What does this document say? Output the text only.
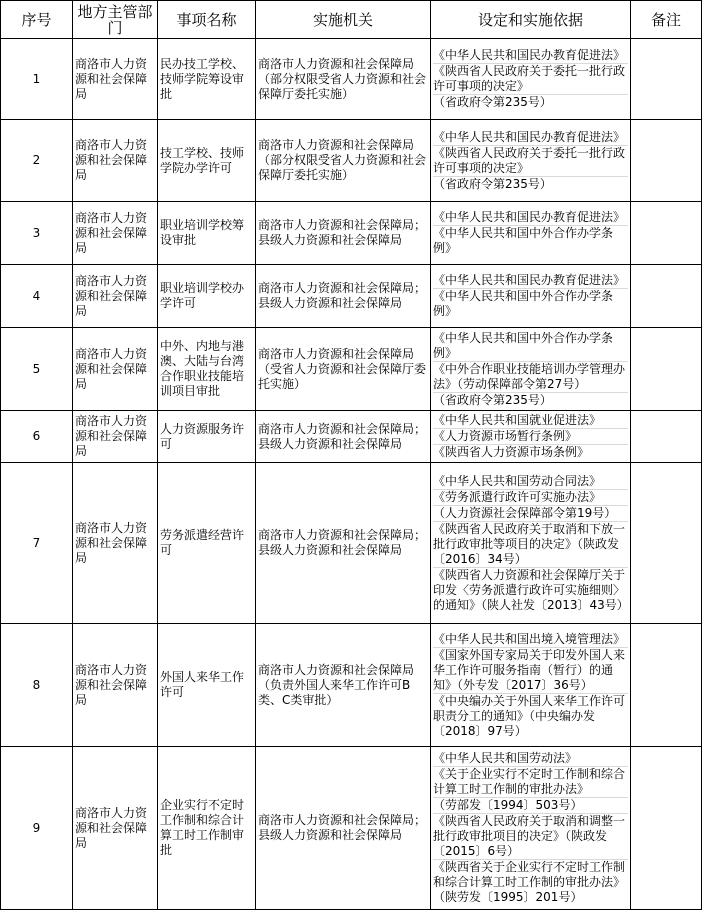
序号	地方主管部门	事项名称	实施机关	设定和实施依据	备注
1	商洛市人力资源和社会保障局	民办技工学校、技师学院筹设审批	商洛市人力资源和社会保障局（部分权限受省人力资源和社会保障厅委托实施）	《中华人民共和国民办教育促进法》
《陕西省人民政府关于委托一批行政许可事项的决定》
（省政府令第235号）	

2	商洛市人力资源和社会保障局	技工学校、技师学院办学许可	商洛市人力资源和社会保障局（部分权限受省人力资源和社会保障厅委托实施）	《中华人民共和国民办教育促进法》
《陕西省人民政府关于委托一批行政许可事项的决定》
（省政府令第235号）	

3	商洛市人力资源和社会保障局	职业培训学校筹设审批	商洛市人力资源和社会保障局；县级人力资源和社会保障局	《中华人民共和国民办教育促进法》
《中华人民共和国中外合作办学条例》	

4	商洛市人力资源和社会保障局	职业培训学校办学许可	商洛市人力资源和社会保障局；县级人力资源和社会保障局	《中华人民共和国民办教育促进法》
《中华人民共和国中外合作办学条例》	

5	商洛市人力资源和社会保障局	中外、内地与港澳、大陆与台湾合作职业技能培训项目审批	商洛市人力资源和社会保障局（受省人力资源和社会保障厅委托实施）	《中华人民共和国中外合作办学条例》
《中外合作职业技能培训办学管理办法》（劳动保障部令第27号）
（省政府令第235号）	

6	商洛市人力资源和社会保障局	人力资源服务许可	商洛市人力资源和社会保障局；县级人力资源和社会保障局	《中华人民共和国就业促进法》
《人力资源市场暂行条例》
《陕西省人力资源市场条例》	

7	商洛市人力资源和社会保障局	劳务派遣经营许可	商洛市人力资源和社会保障局；县级人力资源和社会保障局	《中华人民共和国劳动合同法》
《劳务派遣行政许可实施办法》
（人力资源社会保障部令第19号）
《陕西省人民政府关于取消和下放一批行政审批等项目的决定》（陕政发〔2016〕34号）
《陕西省人力资源和社会保障厅关于印发〈劳务派遣行政许可实施细则〉的通知》（陕人社发〔2013〕43号）	

8	商洛市人力资源和社会保障局	外国人来华工作许可	商洛市人力资源和社会保障局（负责外国人来华工作许可B类、C类审批）	《中华人民共和国出境入境管理法》
《国家外国专家局关于印发外国人来华工作许可服务指南（暂行）的通知》（外专发〔2017〕36号）
《中央编办关于外国人来华工作许可职责分工的通知》（中央编办发〔2018〕97号）	

9	商洛市人力资源和社会保障局	企业实行不定时工作制和综合计算工时工作制审批	商洛市人力资源和社会保障局；县级人力资源和社会保障局	《中华人民共和国劳动法》
《关于企业实行不定时工作制和综合计算工时工作制的审批办法》
（劳部发〔1994〕503号）
《陕西省人民政府关于取消和调整一批行政审批项目的决定》（陕政发〔2015〕6号）
《陕西省关于企业实行不定时工作制和综合计算工时工作制的审批办法》（陕劳发〔1995〕201号）	
